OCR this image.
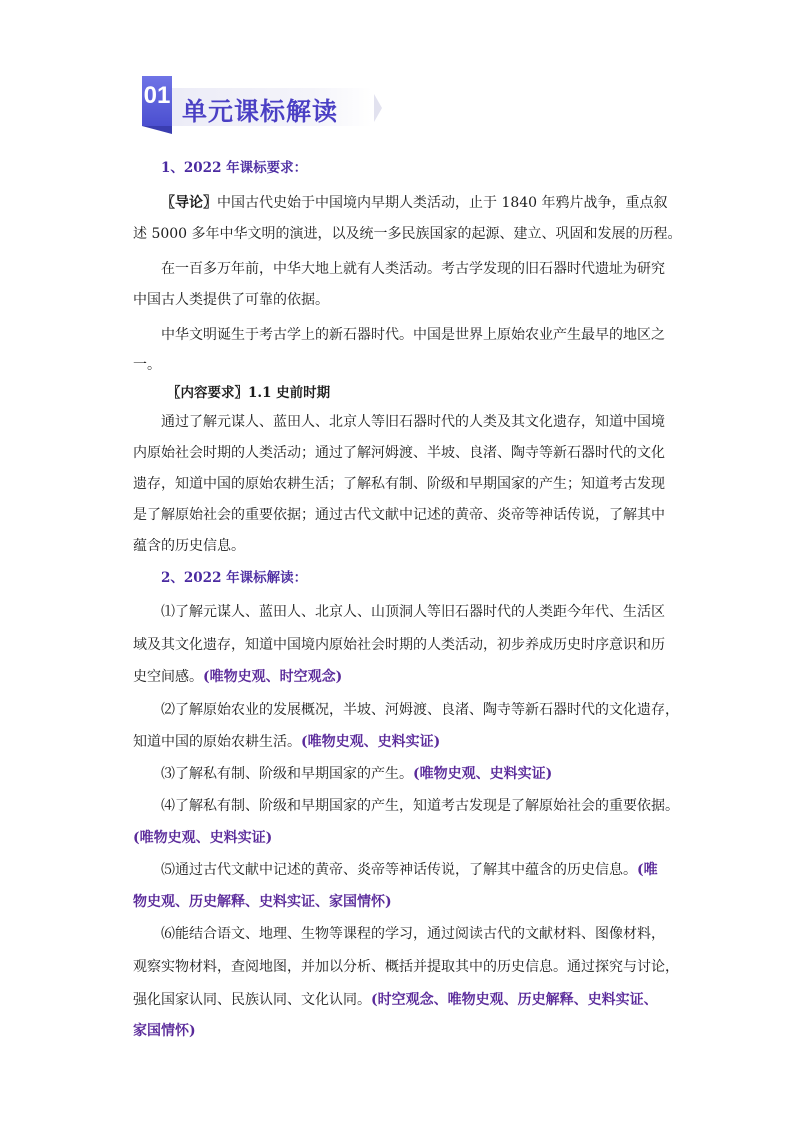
01
单元课标解读
1、2022 年课标要求：
〖导论〗中国古代史始于中国境内早期人类活动，止于 1840 年鸦片战争，重点叙
述 5000 多年中华文明的演进，以及统一多民族国家的起源、建立、巩固和发展的历程。
在一百多万年前，中华大地上就有人类活动。考古学发现的旧石器时代遗址为研究
中国古人类提供了可靠的依据。
中华文明诞生于考古学上的新石器时代。中国是世界上原始农业产生最早的地区之
一。
〖内容要求〗1.1 史前时期
通过了解元谋人、蓝田人、北京人等旧石器时代的人类及其文化遗存，知道中国境
内原始社会时期的人类活动；通过了解河姆渡、半坡、良渚、陶寺等新石器时代的文化
遗存，知道中国的原始农耕生活；了解私有制、阶级和早期国家的产生；知道考古发现
是了解原始社会的重要依据；通过古代文献中记述的黄帝、炎帝等神话传说，了解其中
蕴含的历史信息。
2、2022 年课标解读：
⑴了解元谋人、蓝田人、北京人、山顶洞人等旧石器时代的人类距今年代、生活区
域及其文化遗存，知道中国境内原始社会时期的人类活动，初步养成历史时序意识和历
史空间感。(唯物史观、时空观念)
⑵了解原始农业的发展概况，半坡、河姆渡、良渚、陶寺等新石器时代的文化遗存，
知道中国的原始农耕生活。(唯物史观、史料实证)
⑶了解私有制、阶级和早期国家的产生。(唯物史观、史料实证)
⑷了解私有制、阶级和早期国家的产生，知道考古发现是了解原始社会的重要依据。
(唯物史观、史料实证)
⑸通过古代文献中记述的黄帝、炎帝等神话传说，了解其中蕴含的历史信息。(唯
物史观、历史解释、史料实证、家国情怀)
⑹能结合语文、地理、生物等课程的学习，通过阅读古代的文献材料、图像材料，
观察实物材料，查阅地图，并加以分析、概括并提取其中的历史信息。通过探究与讨论，
强化国家认同、民族认同、文化认同。(时空观念、唯物史观、历史解释、史料实证、
家国情怀)
